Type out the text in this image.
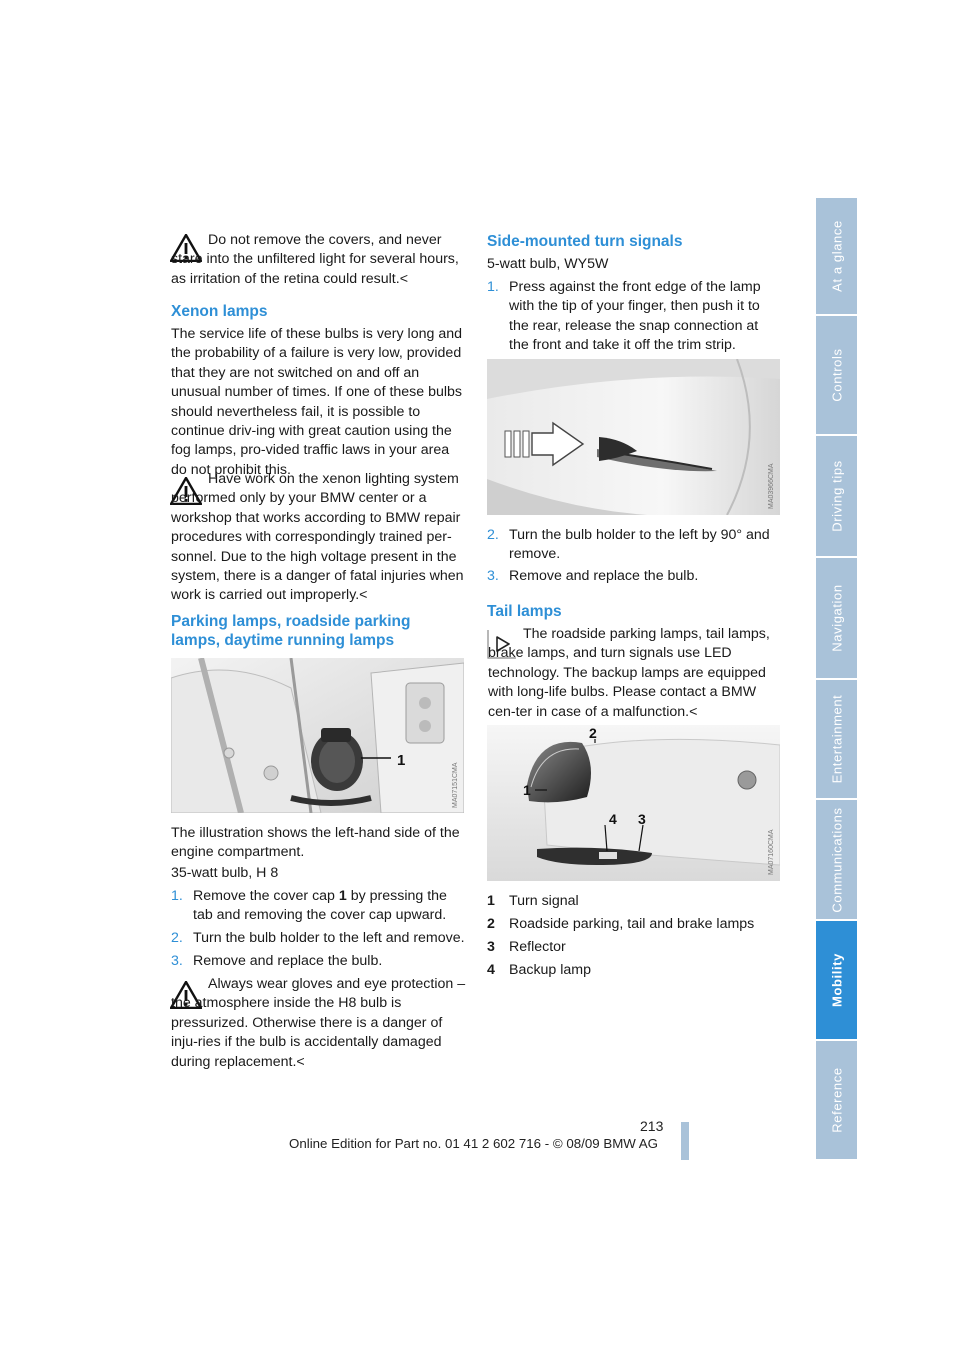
Do not remove the covers, and never stare into the unfiltered light for several hours, as irritation of the retina could result.<

Xenon lamps

The service life of these bulbs is very long and the probability of a failure is very low, provided that they are not switched on and off an unusual number of times. If one of these bulbs should nevertheless fail, it is possible to continue driv-ing with great caution using the fog lamps, pro-vided traffic laws in your area do not prohibit this.

Have work on the xenon lighting system performed only by your BMW center or a workshop that works according to BMW repair procedures with correspondingly trained per-sonnel. Due to the high voltage present in the system, there is a danger of fatal injuries when work is carried out improperly.<

Parking lamps, roadside parking
lamps, daytime running lamps
1
MA07151CMA

The illustration shows the left-hand side of the engine compartment.

35-watt bulb, H 8

1. Remove the cover cap 1 by pressing the tab and removing the cover cap upward.
2. Turn the bulb holder to the left and remove.
3. Remove and replace the bulb.

Always wear gloves and eye protection – the atmosphere inside the H8 bulb is pressurized. Otherwise there is a danger of inju-ries if the bulb is accidentally damaged during replacement.<

Side-mounted turn signals

5-watt bulb, WY5W

1. Press against the front edge of the lamp with the tip of your finger, then push it to the rear, release the snap connection at the front and take it off the trim strip.
MA03966CMA
2. Turn the bulb holder to the left by 90° and remove.
3. Remove and replace the bulb.
Tail lamps

The roadside parking lamps, tail lamps, brake lamps, and turn signals use LED technology. The backup lamps are equipped with long-life bulbs. Please contact a BMW cen-ter in case of a malfunction.<

1
2
3
4
MA07160CMA
1 Turn signal
2 Roadside parking, tail and brake lamps
3 Reflector
4 Backup lamp
At a glance
Controls
Driving tips
Navigation
Entertainment
Communications
Mobility
Reference
213
Online Edition for Part no. 01 41 2 602 716 - © 08/09 BMW AG
